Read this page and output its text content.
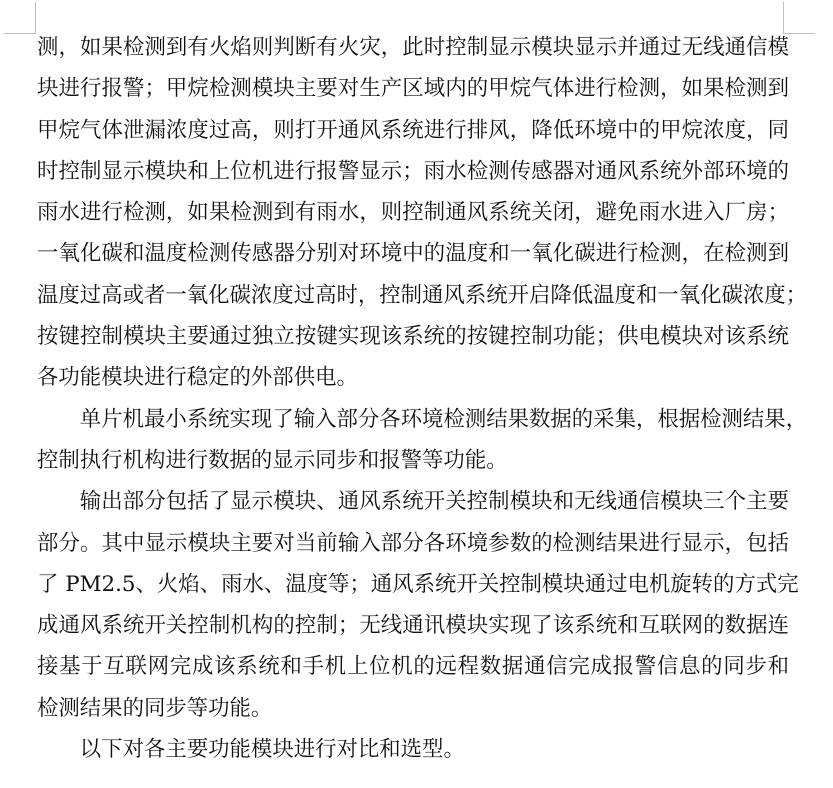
测，如果检测到有火焰则判断有火灾，此时控制显示模块显示并通过无线通信模
块进行报警；甲烷检测模块主要对生产区域内的甲烷气体进行检测，如果检测到
甲烷气体泄漏浓度过高，则打开通风系统进行排风，降低环境中的甲烷浓度，同
时控制显示模块和上位机进行报警显示；雨水检测传感器对通风系统外部环境的
雨水进行检测，如果检测到有雨水，则控制通风系统关闭，避免雨水进入厂房；
一氧化碳和温度检测传感器分别对环境中的温度和一氧化碳进行检测，在检测到
温度过高或者一氧化碳浓度过高时，控制通风系统开启降低温度和一氧化碳浓度；
按键控制模块主要通过独立按键实现该系统的按键控制功能；供电模块对该系统
各功能模块进行稳定的外部供电。
单片机最小系统实现了输入部分各环境检测结果数据的采集，根据检测结果，
控制执行机构进行数据的显示同步和报警等功能。
输出部分包括了显示模块、通风系统开关控制模块和无线通信模块三个主要
部分。其中显示模块主要对当前输入部分各环境参数的检测结果进行显示，包括
了 PM2.5、火焰、雨水、温度等；通风系统开关控制模块通过电机旋转的方式完
成通风系统开关控制机构的控制；无线通讯模块实现了该系统和互联网的数据连
接基于互联网完成该系统和手机上位机的远程数据通信完成报警信息的同步和
检测结果的同步等功能。
以下对各主要功能模块进行对比和选型。
